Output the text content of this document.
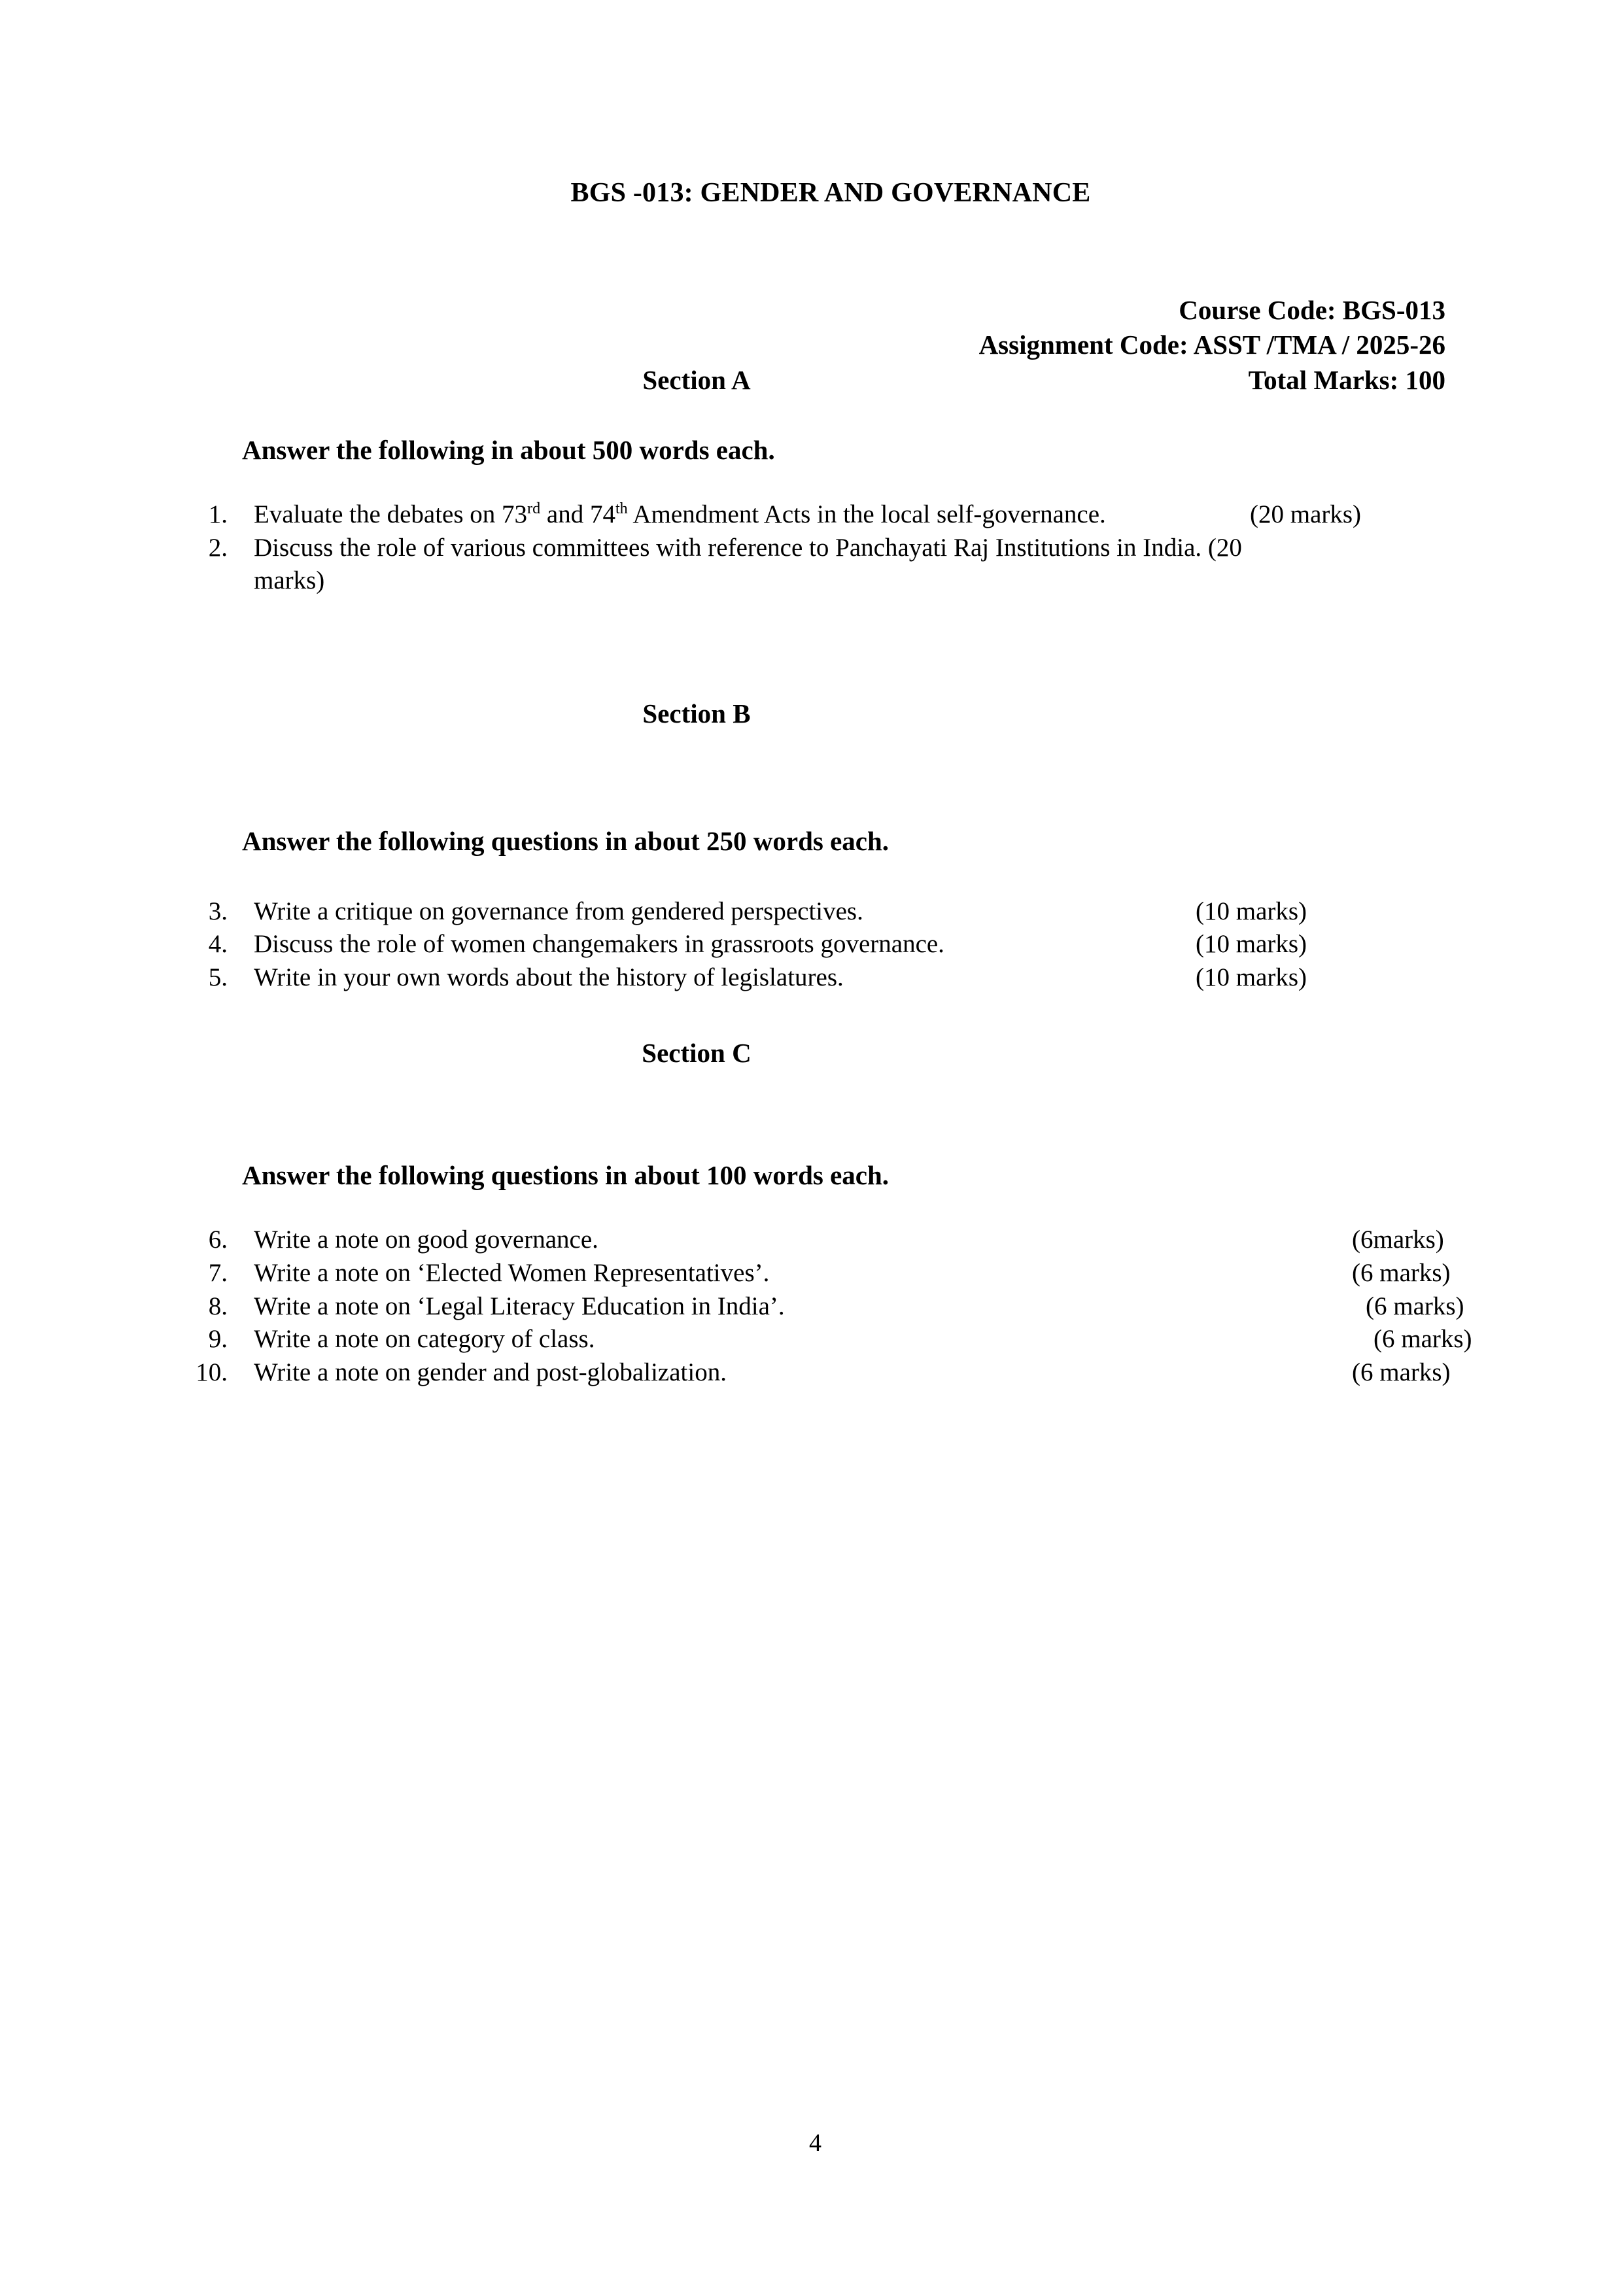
BGS -013: GENDER AND GOVERNANCE
Course Code: BGS-013
Assignment Code: ASST /TMA / 2025-26
Total Marks: 100
Section A
Answer the following in about 500 words each.
1. Evaluate the debates on 73rd and 74th Amendment Acts in the local self-governance.	(20 marks)
2. Discuss the role of various committees with reference to Panchayati Raj Institutions in India. (20
marks)
Section B
Answer the following questions in about 250 words each.
3. Write a critique on governance from gendered perspectives.	(10 marks)
4. Discuss the role of women changemakers in grassroots governance.	(10 marks)
5. Write in your own words about the history of legislatures.	(10 marks)
Section C
Answer the following questions in about 100 words each.
6. Write a note on good governance.	(6marks)
7. Write a note on ‘Elected Women Representatives’.	(6 marks)
8. Write a note on ‘Legal Literacy Education in India’.	(6 marks)
9. Write a note on category of class.	(6 marks)
10. Write a note on gender and post-globalization.	(6 marks)
4
